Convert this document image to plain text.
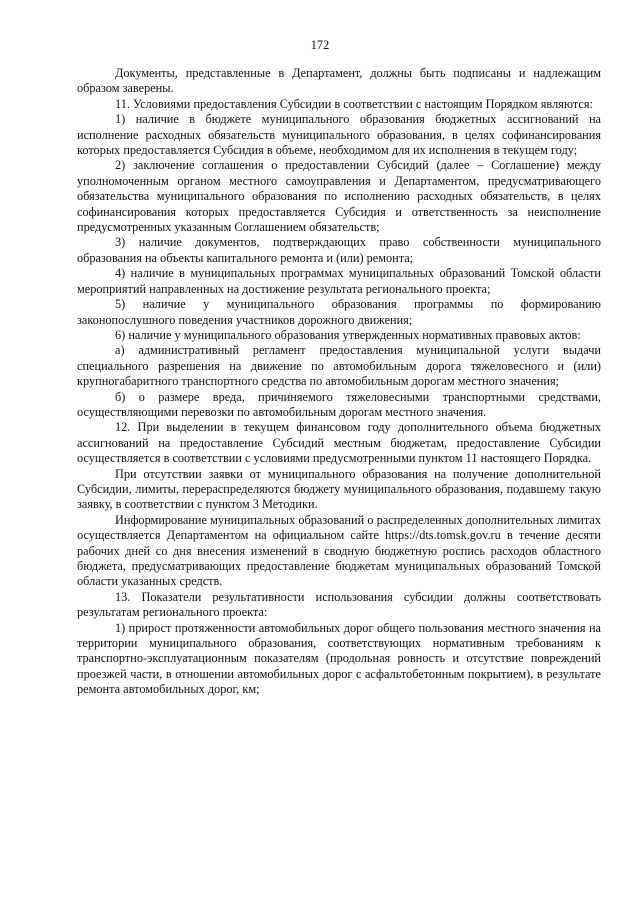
172

Документы, представленные в Департамент, должны быть подписаны и надлежащим образом заверены.

11. Условиями предоставления Субсидии в соответствии с настоящим Порядком являются:

1) наличие в бюджете муниципального образования бюджетных ассигнований на исполнение расходных обязательств муниципального образования, в целях софинансирования которых предоставляется Субсидия в объеме, необходимом для их исполнения в текущем году;

2) заключение соглашения о предоставлении Субсидий (далее – Соглашение) между уполномоченным органом местного самоуправления и Департаментом, предусматривающего обязательства муниципального образования по исполнению расходных обязательств, в целях софинансирования которых предоставляется Субсидия и ответственность за неисполнение предусмотренных указанным Соглашением обязательств;

3) наличие документов, подтверждающих право собственности муниципального образования на объекты капитального ремонта и (или) ремонта;

4) наличие в муниципальных программах муниципальных образований Томской области мероприятий направленных на достижение результата регионального проекта;

5) наличие у муниципального образования программы по формированию законопослушного поведения участников дорожного движения;

6) наличие у муниципального образования утвержденных нормативных правовых актов:

а) административный регламент предоставления муниципальной услуги выдачи специального разрешения на движение по автомобильным дорога тяжеловесного и (или) крупногабаритного транспортного средства по автомобильным дорогам местного значения;

б) о размере вреда, причиняемого тяжеловесными транспортными средствами, осуществляющими перевозки по автомобильным дорогам местного значения.

12. При выделении в текущем финансовом году дополнительного объема бюджетных ассигнований на предоставление Субсидий местным бюджетам, предоставление Субсидии осуществляется в соответствии с условиями предусмотренными пунктом 11 настоящего Порядка.

При отсутствии заявки от муниципального образования на получение дополнительной Субсидии, лимиты, перераспределяются бюджету муниципального образования, подавшему такую заявку, в соответствии с пунктом 3 Методики.

Информирование муниципальных образований о распределенных дополнительных лимитах осуществляется Департаментом на официальном сайте https://dts.tomsk.gov.ru в течение десяти рабочих дней со дня внесения изменений в сводную бюджетную роспись расходов областного бюджета, предусматривающих предоставление бюджетам муниципальных образований Томской области указанных средств.

13. Показатели результативности использования субсидии должны соответствовать результатам регионального проекта:

1) прирост протяженности автомобильных дорог общего пользования местного значения на территории муниципального образования, соответствующих нормативным требованиям к транспортно-эксплуатационным показателям (продольная ровность и отсутствие повреждений проезжей части, в отношении автомобильных дорог с асфальтобетонным покрытием), в результате ремонта автомобильных дорог, км;
